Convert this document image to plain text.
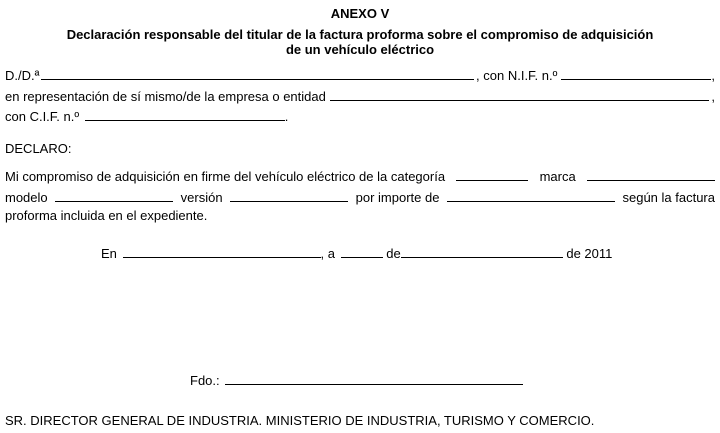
ANEXO V
Declaración responsable del titular de la factura proforma sobre el compromiso de adquisición
de un vehículo eléctrico
D./D.ª	, con N.I.F. n.º	,
en representación de sí mismo/de la empresa o entidad	,
con C.I.F. n.º	.
DECLARO:
Mi compromiso de adquisición en firme del vehículo eléctrico de la categoría	marca
modelo	versión	por importe de	según la factura
proforma incluida en el expediente.
En	, a	de	de 2011
Fdo.:
SR. DIRECTOR GENERAL DE INDUSTRIA. MINISTERIO DE INDUSTRIA, TURISMO Y COMERCIO.
